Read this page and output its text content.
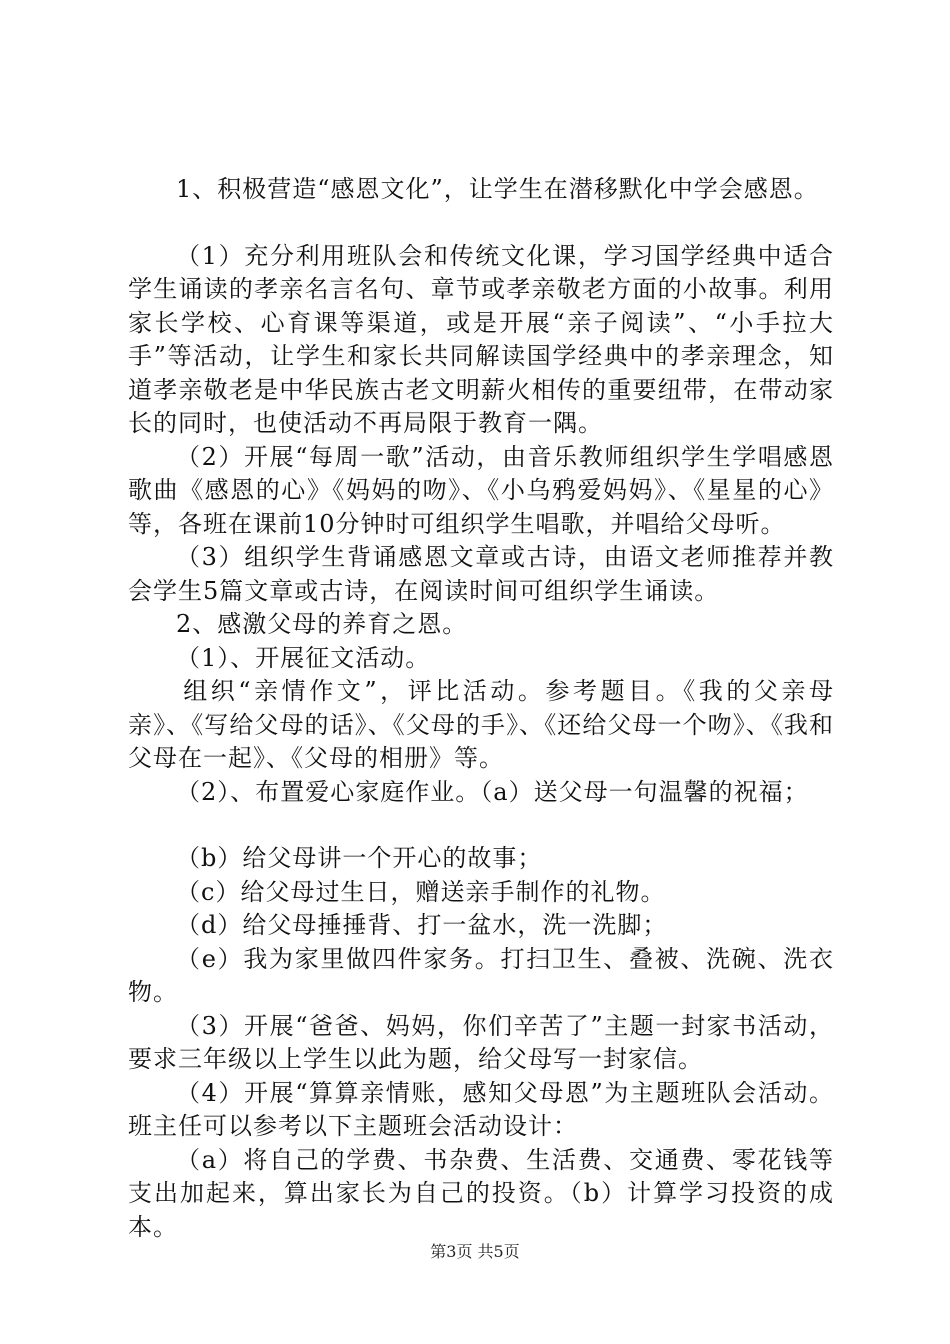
1、积极营造“感恩文化”，让学生在潜移默化中学会感恩。

（1）充分利用班队会和传统文化课，学习国学经典中适合学生诵读的孝亲名言名句、章节或孝亲敬老方面的小故事。利用家长学校、心育课等渠道，或是开展“亲子阅读”、“小手拉大手”等活动，让学生和家长共同解读国学经典中的孝亲理念，知道孝亲敬老是中华民族古老文明薪火相传的重要纽带，在带动家长的同时，也使活动不再局限于教育一隅。

（2）开展“每周一歌”活动，由音乐教师组织学生学唱感恩歌曲《感恩的心》《妈妈的吻》、《小乌鸦爱妈妈》、《星星的心》等，各班在课前10分钟时可组织学生唱歌，并唱给父母听。

（3）组织学生背诵感恩文章或古诗，由语文老师推荐并教会学生5篇文章或古诗，在阅读时间可组织学生诵读。

2、感激父母的养育之恩。

（1）、开展征文活动。

组织“亲情作文”，评比活动。参考题目。《我的父亲母亲》、《写给父母的话》、《父母的手》、《还给父母一个吻》、《我和父母在一起》、《父母的相册》等。

（2）、布置爱心家庭作业。（a）送父母一句温馨的祝福；

（b）给父母讲一个开心的故事；

（c）给父母过生日，赠送亲手制作的礼物。

（d）给父母捶捶背、打一盆水，洗一洗脚；

（e）我为家里做四件家务。打扫卫生、叠被、洗碗、洗衣物。

（3）开展“爸爸、妈妈，你们辛苦了”主题一封家书活动，要求三年级以上学生以此为题，给父母写一封家信。

（4）开展“算算亲情账，感知父母恩”为主题班队会活动。班主任可以参考以下主题班会活动设计：

（a）将自己的学费、书杂费、生活费、交通费、零花钱等支出加起来，算出家长为自己的投资。（b）计算学习投资的成本。

第3页 共5页
